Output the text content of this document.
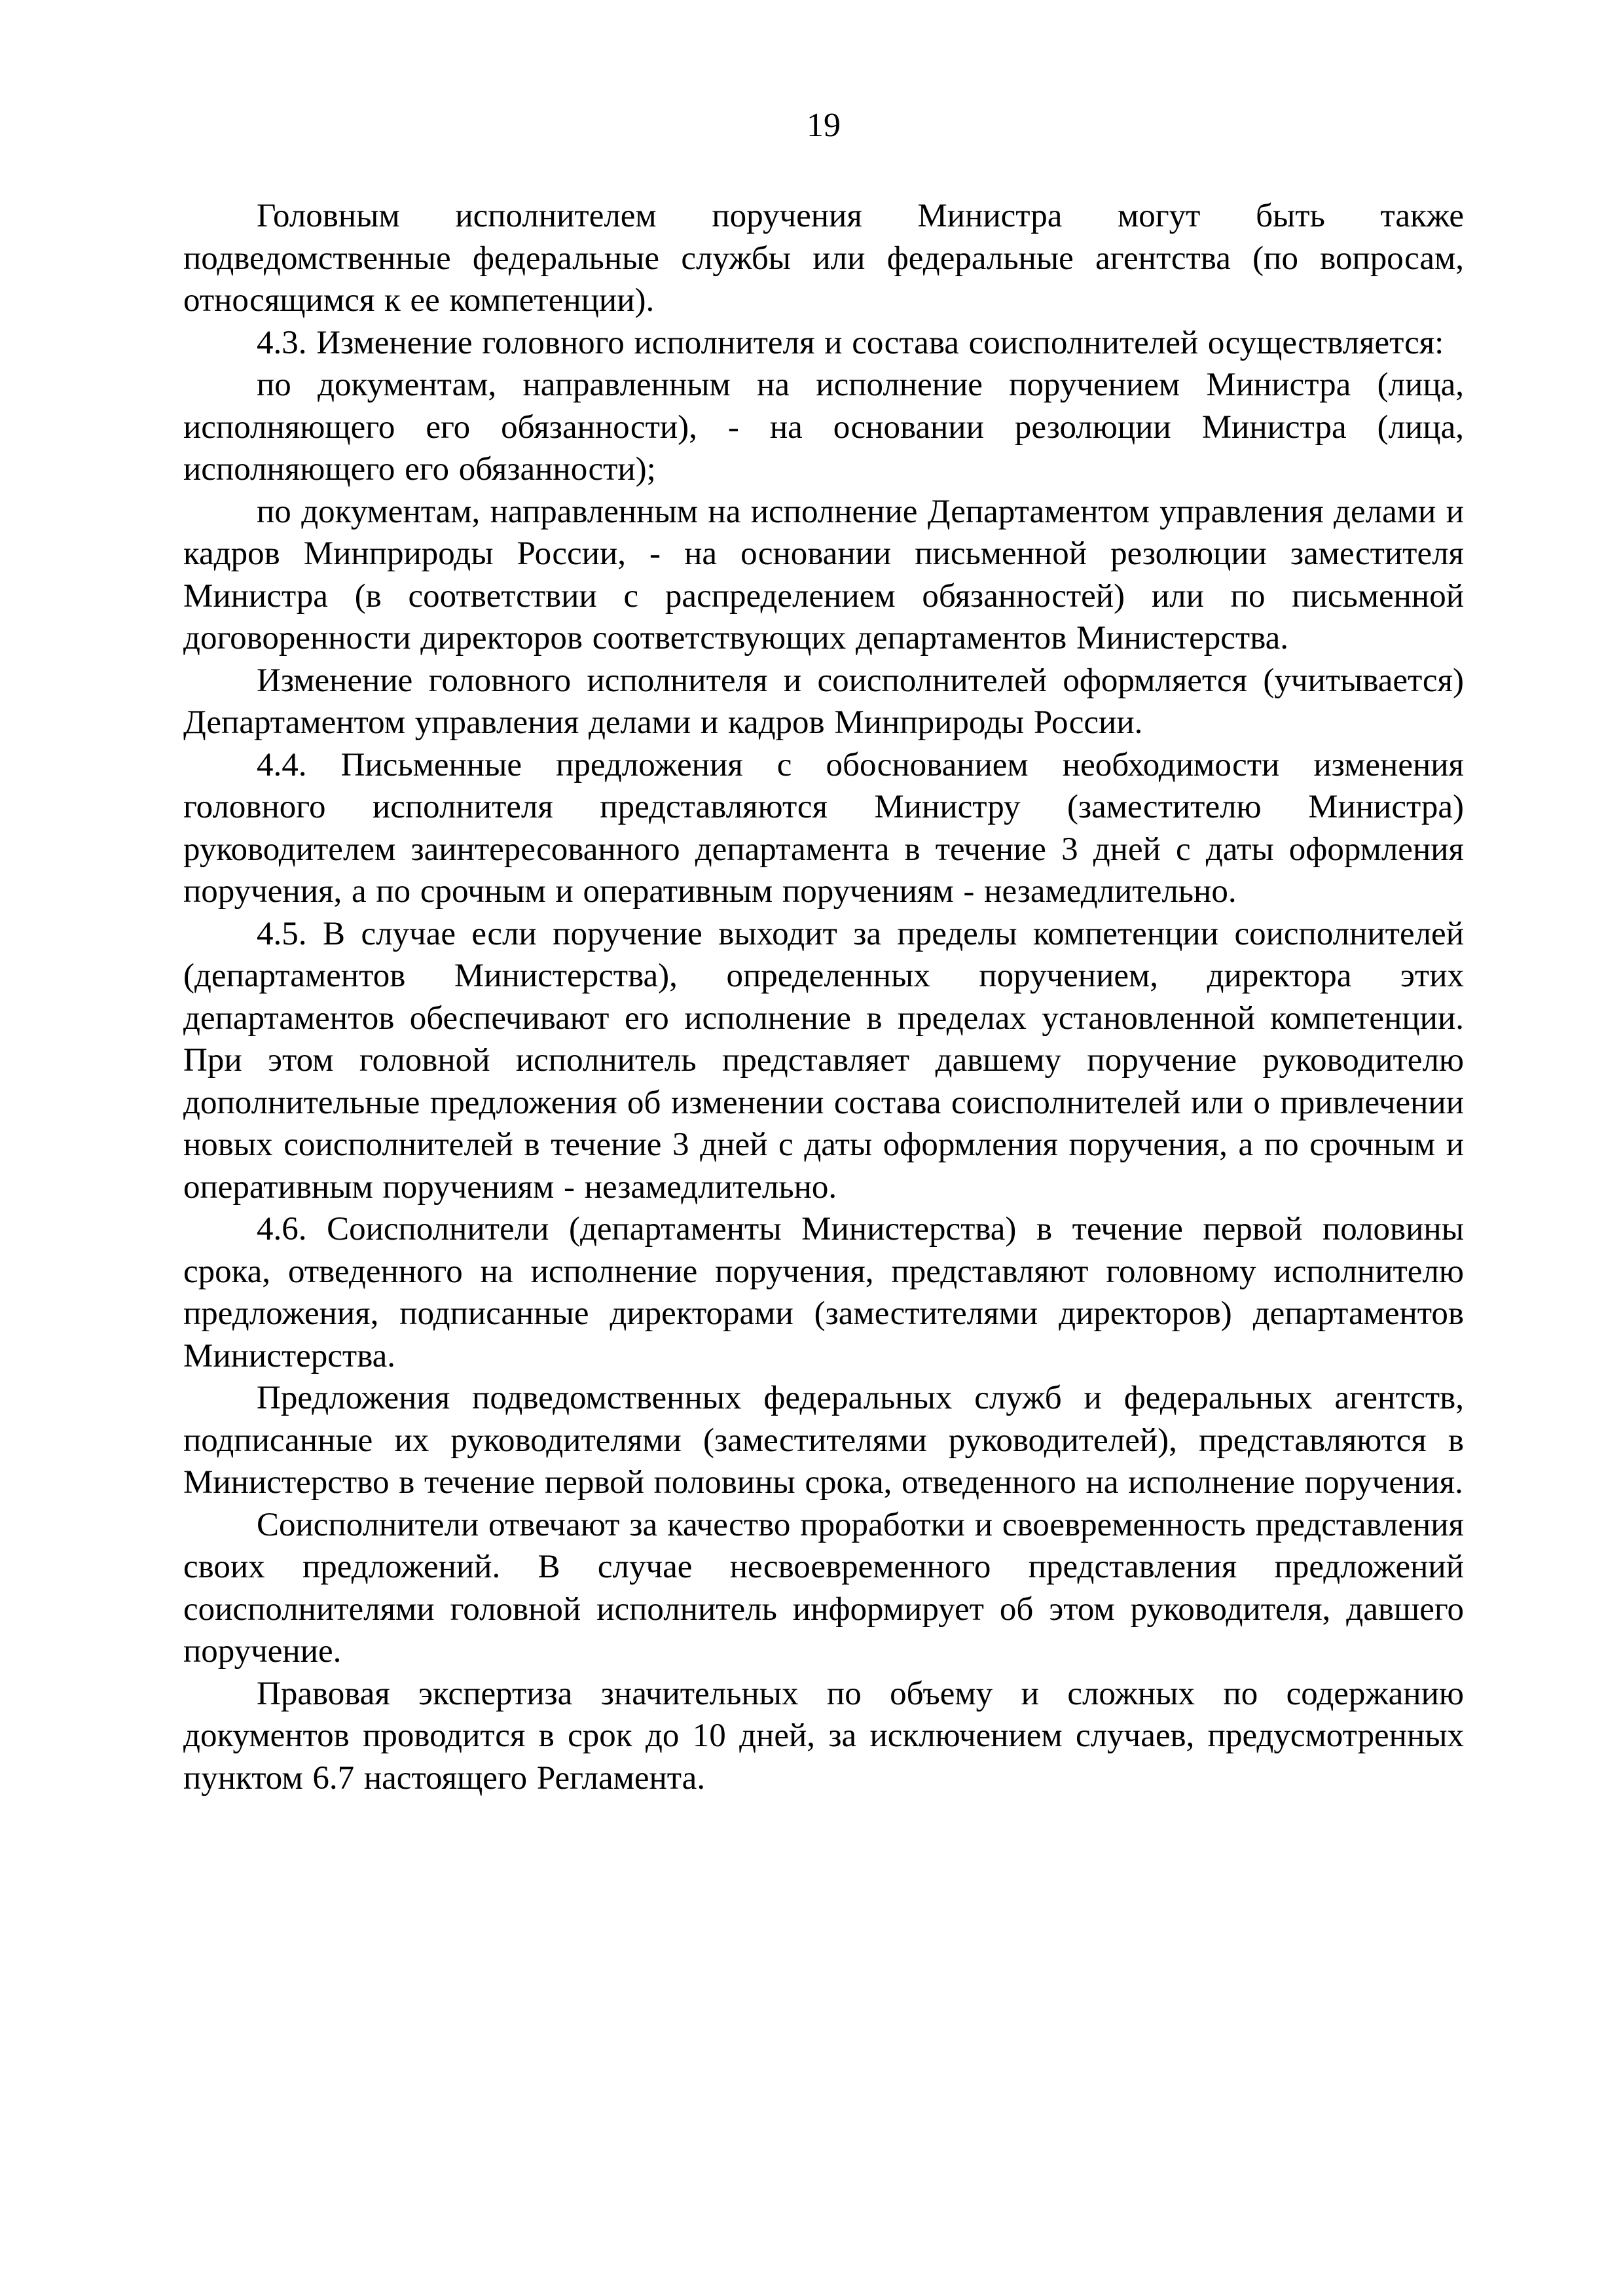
19

Головным исполнителем поручения Министра могут быть также подведомственные федеральные службы или федеральные агентства (по вопросам, относящимся к ее компетенции).

4.3. Изменение головного исполнителя и состава соисполнителей осуществляется:

по документам, направленным на исполнение поручением Министра (лица, исполняющего его обязанности), - на основании резолюции Министра (лица, исполняющего его обязанности);

по документам, направленным на исполнение Департаментом управления делами и кадров Минприроды России, - на основании письменной резолюции заместителя Министра (в соответствии с распределением обязанностей) или по письменной договоренности директоров соответствующих департаментов Министерства.

Изменение головного исполнителя и соисполнителей оформляется (учитывается) Департаментом управления делами и кадров Минприроды России.

4.4. Письменные предложения с обоснованием необходимости изменения головного исполнителя представляются Министру (заместителю Министра) руководителем заинтересованного департамента в течение 3 дней с даты оформления поручения, а по срочным и оперативным поручениям - незамедлительно.

4.5. В случае если поручение выходит за пределы компетенции соисполнителей (департаментов Министерства), определенных поручением, директора этих департаментов обеспечивают его исполнение в пределах установленной компетенции. При этом головной исполнитель представляет давшему поручение руководителю дополнительные предложения об изменении состава соисполнителей или о привлечении новых соисполнителей в течение 3 дней с даты оформления поручения, а по срочным и оперативным поручениям - незамедлительно.

4.6. Соисполнители (департаменты Министерства) в течение первой половины срока, отведенного на исполнение поручения, представляют головному исполнителю предложения, подписанные директорами (заместителями директоров) департаментов Министерства.

Предложения подведомственных федеральных служб и федеральных агентств, подписанные их руководителями (заместителями руководителей), представляются в Министерство в течение первой половины срока, отведенного на исполнение поручения.

Соисполнители отвечают за качество проработки и своевременность представления своих предложений. В случае несвоевременного представления предложений соисполнителями головной исполнитель информирует об этом руководителя, давшего поручение.

Правовая экспертиза значительных по объему и сложных по содержанию документов проводится в срок до 10 дней, за исключением случаев, предусмотренных пунктом 6.7 настоящего Регламента.
